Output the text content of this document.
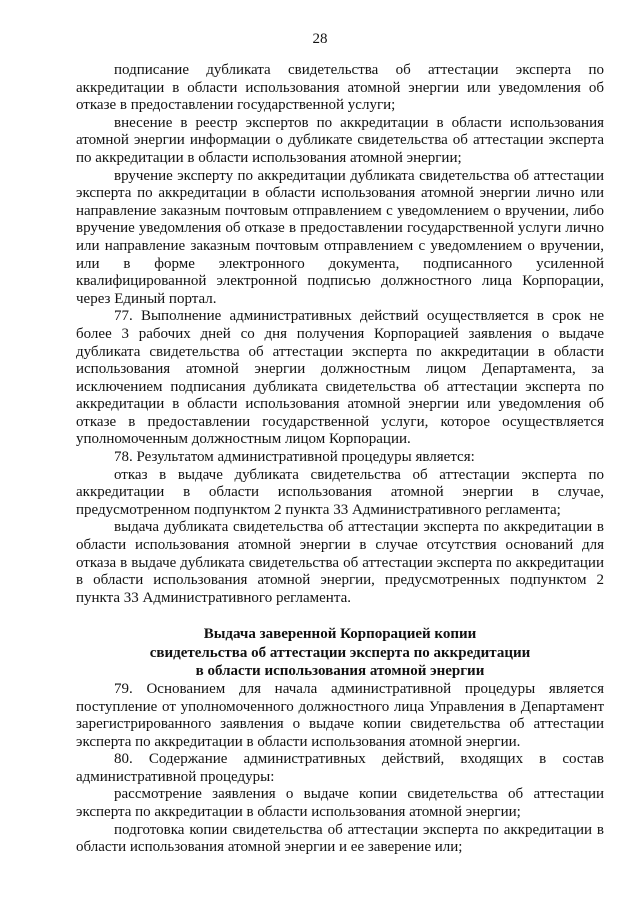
28

подписание дубликата свидетельства об аттестации эксперта по аккредитации в области использования атомной энергии или уведомления об отказе в предоставлении государственной услуги;

внесение в реестр экспертов по аккредитации в области использования атомной энергии информации о дубликате свидетельства об аттестации эксперта по аккредитации в области использования атомной энергии;

вручение эксперту по аккредитации дубликата свидетельства об аттестации эксперта по аккредитации в области использования атомной энергии лично или направление заказным почтовым отправлением с уведомлением о вручении, либо вручение уведомления об отказе в предоставлении государственной услуги лично или направление заказным почтовым отправлением с уведомлением о вручении, или в форме электронного документа, подписанного усиленной квалифицированной электронной подписью должностного лица Корпорации, через Единый портал.

77. Выполнение административных действий осуществляется в срок не более 3 рабочих дней со дня получения Корпорацией заявления о выдаче дубликата свидетельства об аттестации эксперта по аккредитации в области использования атомной энергии должностным лицом Департамента, за исключением подписания дубликата свидетельства об аттестации эксперта по аккредитации в области использования атомной энергии или уведомления об отказе в предоставлении государственной услуги, которое осуществляется уполномоченным должностным лицом Корпорации.

78. Результатом административной процедуры является:

отказ в выдаче дубликата свидетельства об аттестации эксперта по аккредитации в области использования атомной энергии в случае, предусмотренном подпунктом 2 пункта 33 Административного регламента;

выдача дубликата свидетельства об аттестации эксперта по аккредитации в области использования атомной энергии в случае отсутствия оснований для отказа в выдаче дубликата свидетельства об аттестации эксперта по аккредитации в области использования атомной энергии, предусмотренных подпунктом 2 пункта 33 Административного регламента.

Выдача заверенной Корпорацией копии
свидетельства об аттестации эксперта по аккредитации
в области использования атомной энергии

79. Основанием для начала административной процедуры является поступление от уполномоченного должностного лица Управления в Департамент зарегистрированного заявления о выдаче копии свидетельства об аттестации эксперта по аккредитации в области использования атомной энергии.

80. Содержание административных действий, входящих в состав административной процедуры:

рассмотрение заявления о выдаче копии свидетельства об аттестации эксперта по аккредитации в области использования атомной энергии;

подготовка копии свидетельства об аттестации эксперта по аккредитации в области использования атомной энергии и ее заверение или;
